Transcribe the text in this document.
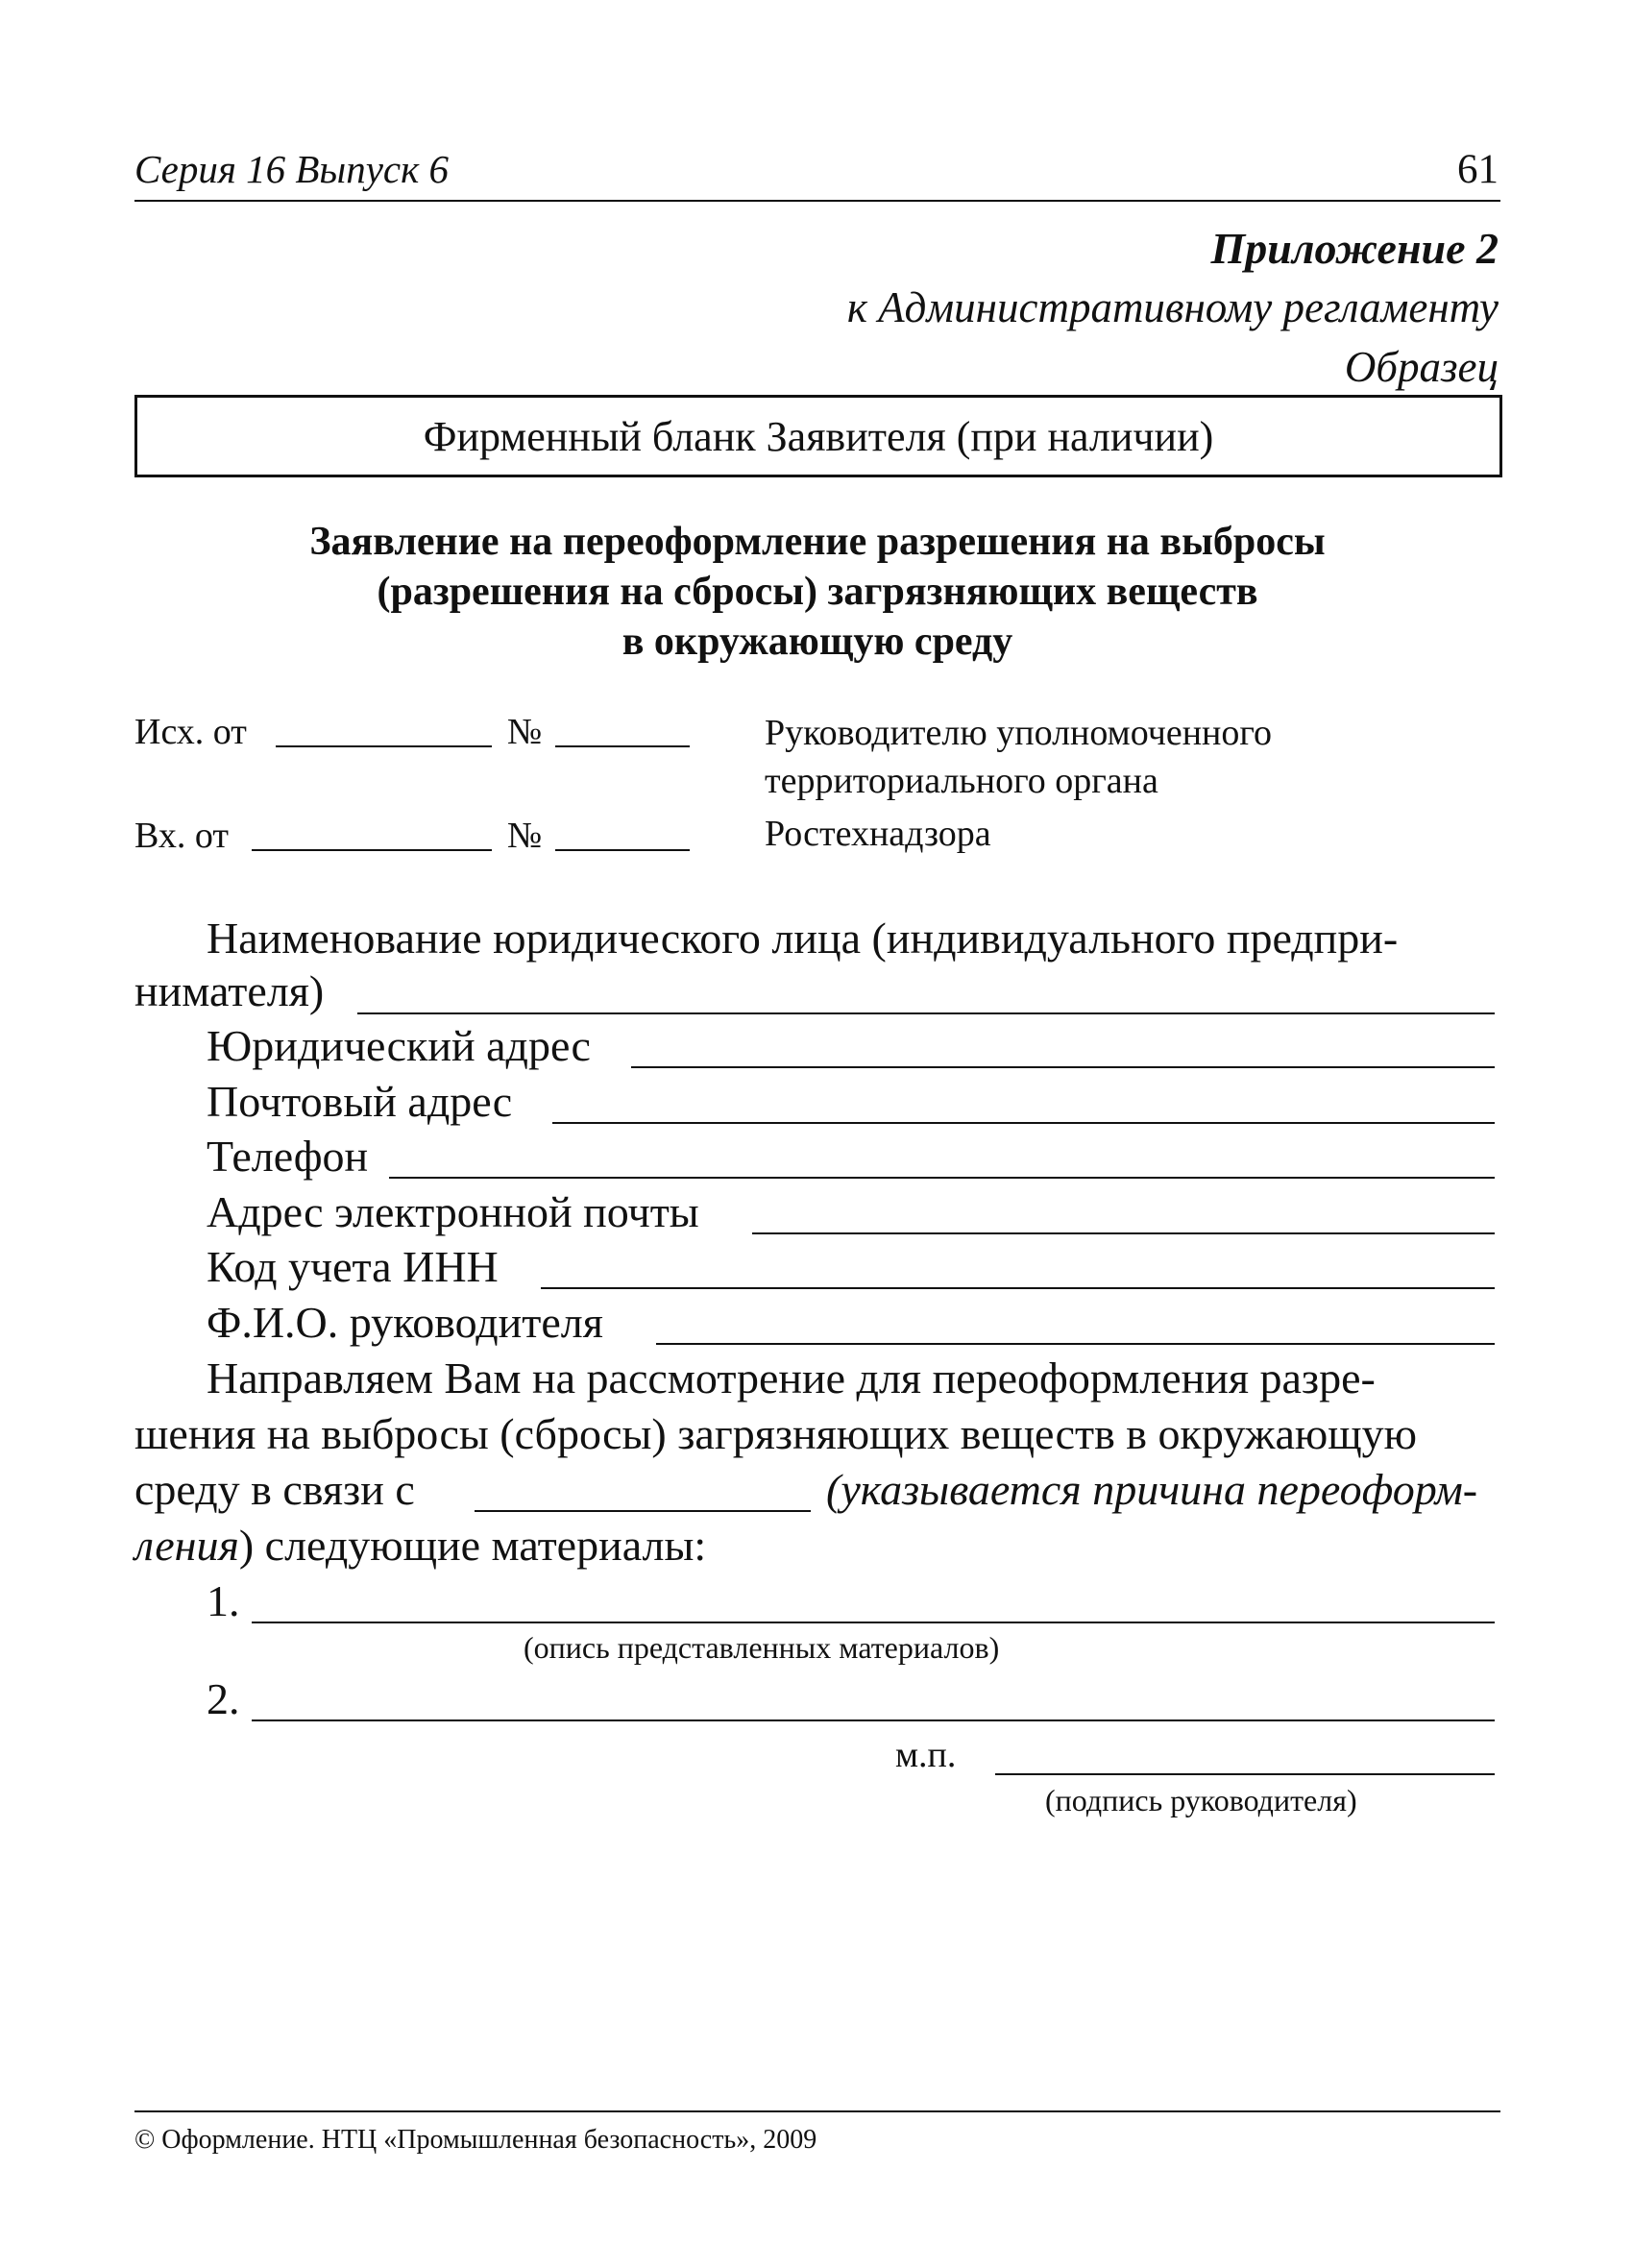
Серия 16 Выпуск 6	61
Приложение 2
к Административному регламенту
Образец
Фирменный бланк Заявителя (при наличии)
Заявление на переоформление разрешения на выбросы
(разрешения на сбросы) загрязняющих веществ
в окружающую среду
Исх. от	№
Вх. от	№
Руководителю уполномоченного
территориального органа
Ростехнадзора
Наименование юридического лица (индивидуального предпри-
нимателя)
Юридический адрес
Почтовый адрес
Телефон
Адрес электронной почты
Код учета ИНН
Ф.И.О. руководителя
Направляем Вам на рассмотрение для переоформления разре-
шения на выбросы (сбросы) загрязняющих веществ в окружающую
среду в связи с	(указывается причина переоформ-
ления) следующие материалы:
1.
(опись представленных материалов)
2.
м.п.
(подпись руководителя)
© Оформление. НТЦ «Промышленная безопасность», 2009
